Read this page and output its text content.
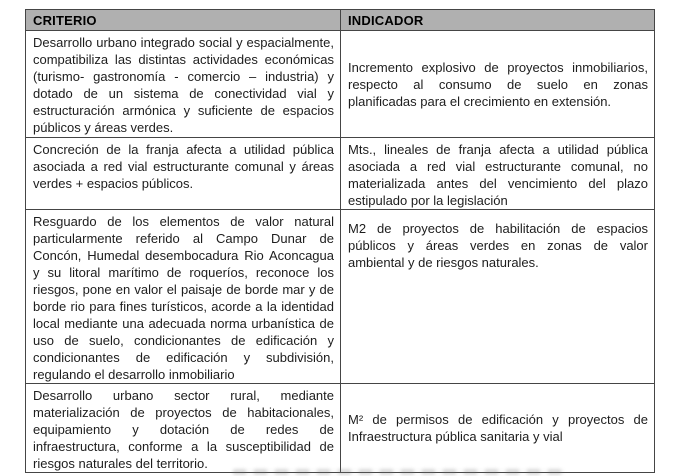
CRITERIO	INDICADOR
Desarrollo urbano integrado social y espacialmente, compatibiliza las distintas actividades económicas (turismo- gastronomía - comercio – industria) y dotado de un sistema de conectividad vial y estructuración armónica y suficiente de espacios públicos y áreas verdes.	Incremento explosivo de proyectos inmobiliarios, respecto al consumo de suelo en zonas planificadas para el crecimiento en extensión.
Concreción de la franja afecta a utilidad pública asociada a red vial estructurante comunal y áreas verdes + espacios públicos.	Mts., lineales de franja afecta a utilidad pública asociada a red vial estructurante comunal, no materializada antes del vencimiento del plazo estipulado por la legislación
Resguardo de los elementos de valor natural particularmente referido al Campo Dunar de Concón, Humedal desembocadura Rio Aconcagua y su litoral marítimo de roqueríos, reconoce los riesgos, pone en valor el paisaje de borde mar y de borde rio para fines turísticos, acorde a la identidad local mediante una adecuada norma urbanística de uso de suelo, condicionantes de edificación y condicionantes de edificación y subdivisión, regulando el desarrollo inmobiliario	M2 de proyectos de habilitación de espacios públicos y áreas verdes en zonas de valor ambiental y de riesgos naturales.
Desarrollo urbano sector rural, mediante materialización de proyectos de habitacionales, equipamiento y dotación de redes de infraestructura, conforme a la susceptibilidad de riesgos naturales del territorio.	M² de permisos de edificación y proyectos de Infraestructura pública sanitaria y vial
